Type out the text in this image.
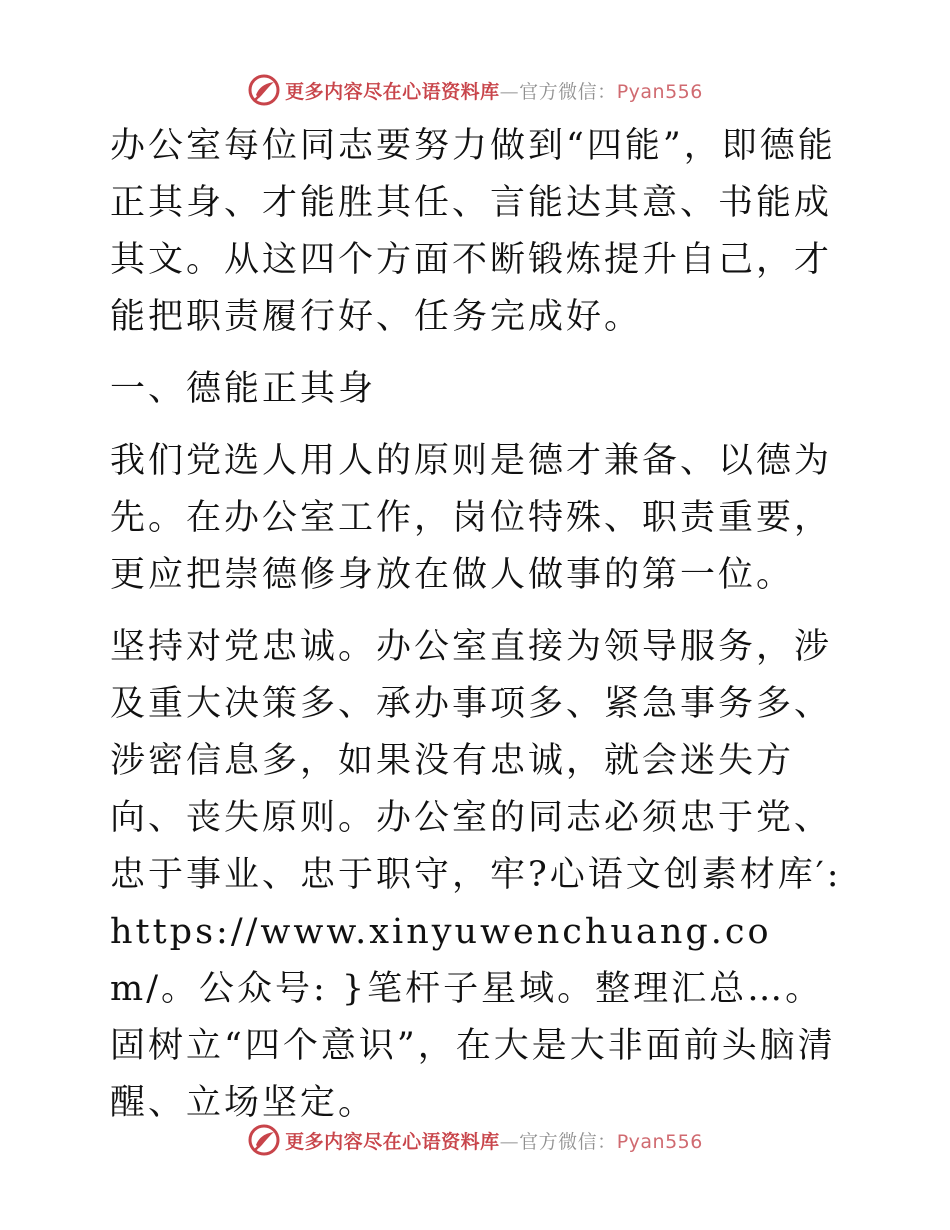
更多内容尽在心语资料库—官方微信：Pyan556

办公室每位同志要努力做到“四能”，即德能正其身、才能胜其任、言能达其意、书能成其文。从这四个方面不断锻炼提升自己，才能把职责履行好、任务完成好。

一、德能正其身

我们党选人用人的原则是德才兼备、以德为先。在办公室工作，岗位特殊、职责重要，更应把崇德修身放在做人做事的第一位。

坚持对党忠诚。办公室直接为领导服务，涉及重大决策多、承办事项多、紧急事务多、涉密信息多，如果没有忠诚，就会迷失方向、丧失原则。办公室的同志必须忠于党、忠于事业、忠于职守，牢?心语文创素材库′: https://www.xinyuwenchuang.com/。公众号: }笔杆子星域。整理汇总…。固树立“四个意识”，在大是大非面前头脑清醒、立场坚定。

更多内容尽在心语资料库—官方微信：Pyan556
